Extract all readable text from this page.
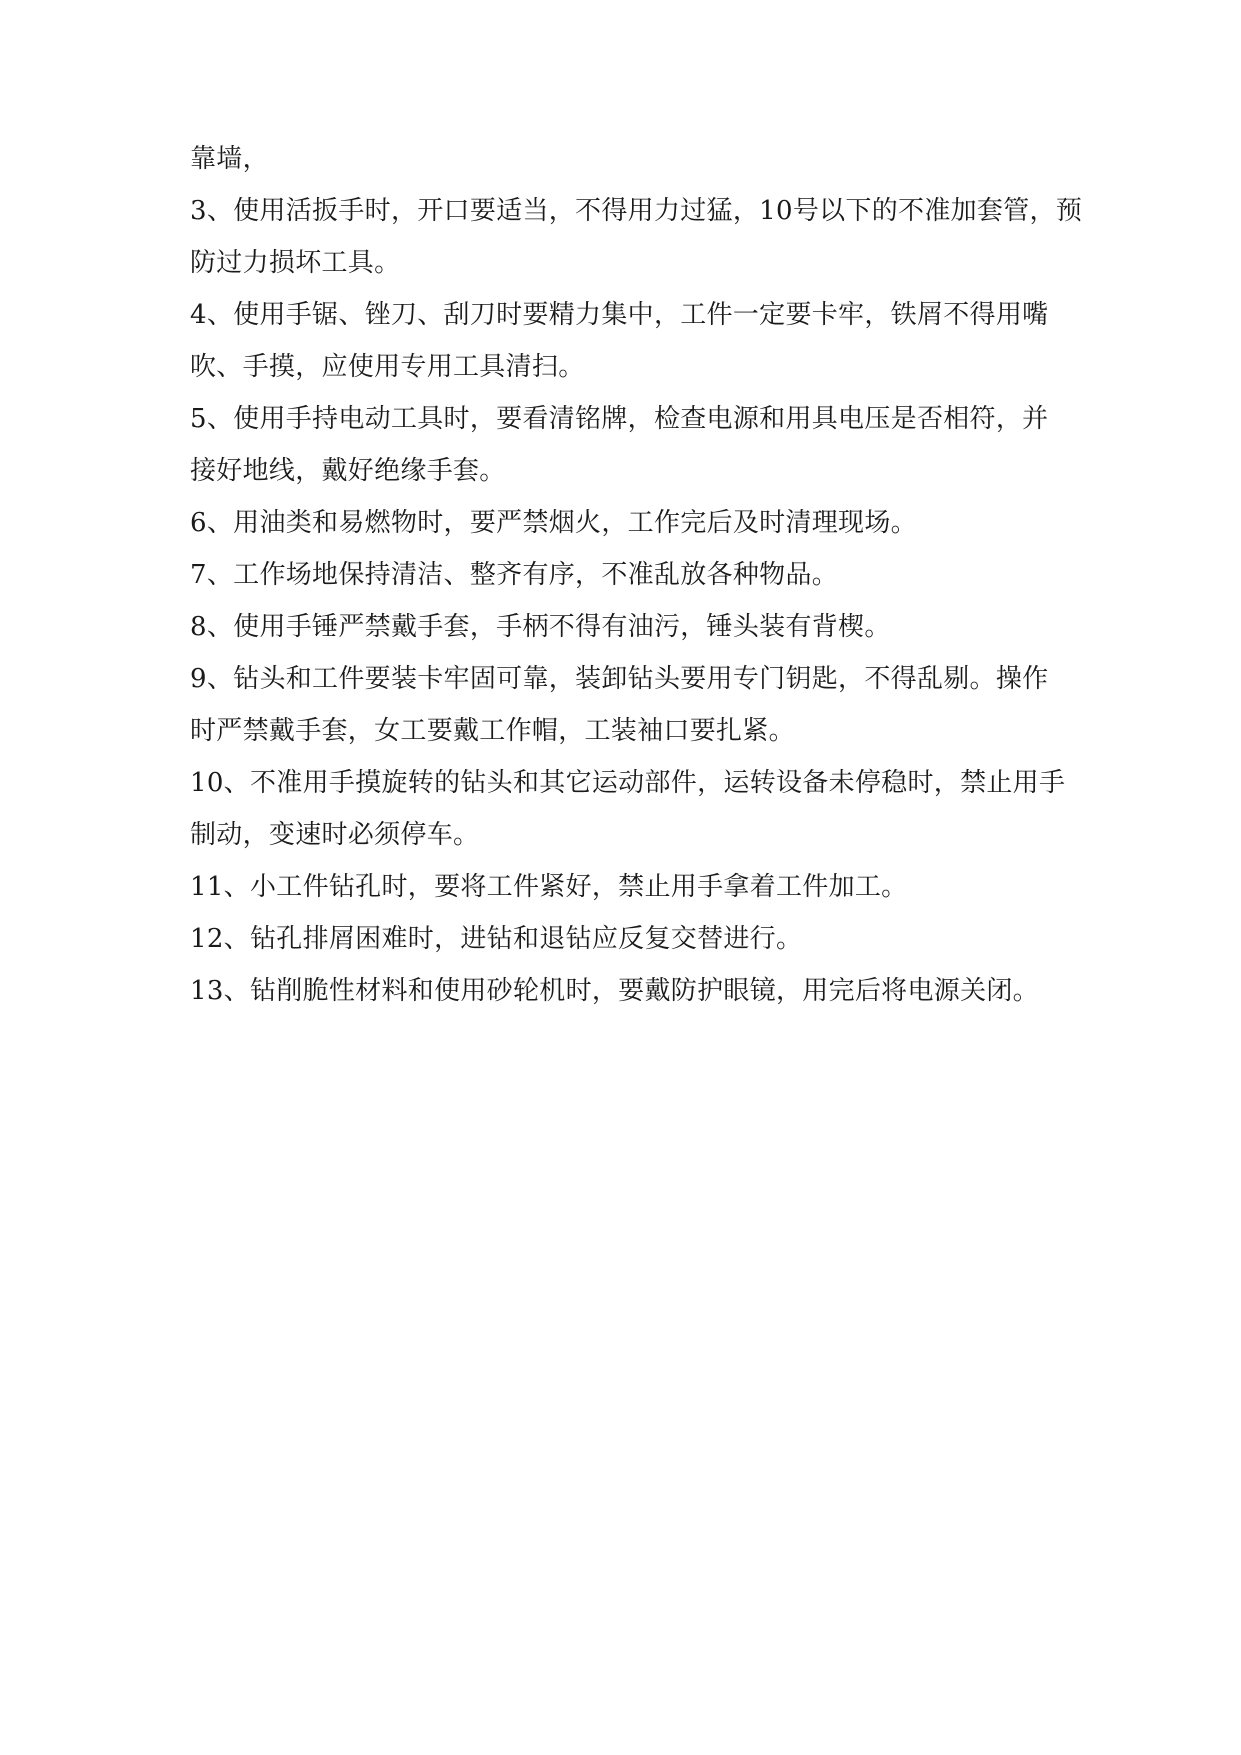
靠墙，
3、使用活扳手时，开口要适当，不得用力过猛，10号以下的不准加套管，预
防过力损坏工具。
4、使用手锯、锉刀、刮刀时要精力集中，工件一定要卡牢，铁屑不得用嘴
吹、手摸，应使用专用工具清扫。
5、使用手持电动工具时，要看清铭牌，检查电源和用具电压是否相符，并
接好地线，戴好绝缘手套。
6、用油类和易燃物时，要严禁烟火，工作完后及时清理现场。
7、工作场地保持清洁、整齐有序，不准乱放各种物品。
8、使用手锤严禁戴手套，手柄不得有油污，锤头装有背楔。
9、钻头和工件要装卡牢固可靠，装卸钻头要用专门钥匙，不得乱剔。操作
时严禁戴手套，女工要戴工作帽，工装袖口要扎紧。
10、不准用手摸旋转的钻头和其它运动部件，运转设备未停稳时，禁止用手
制动，变速时必须停车。
11、小工件钻孔时，要将工件紧好，禁止用手拿着工件加工。
12、钻孔排屑困难时，进钻和退钻应反复交替进行。
13、钻削脆性材料和使用砂轮机时，要戴防护眼镜，用完后将电源关闭。
